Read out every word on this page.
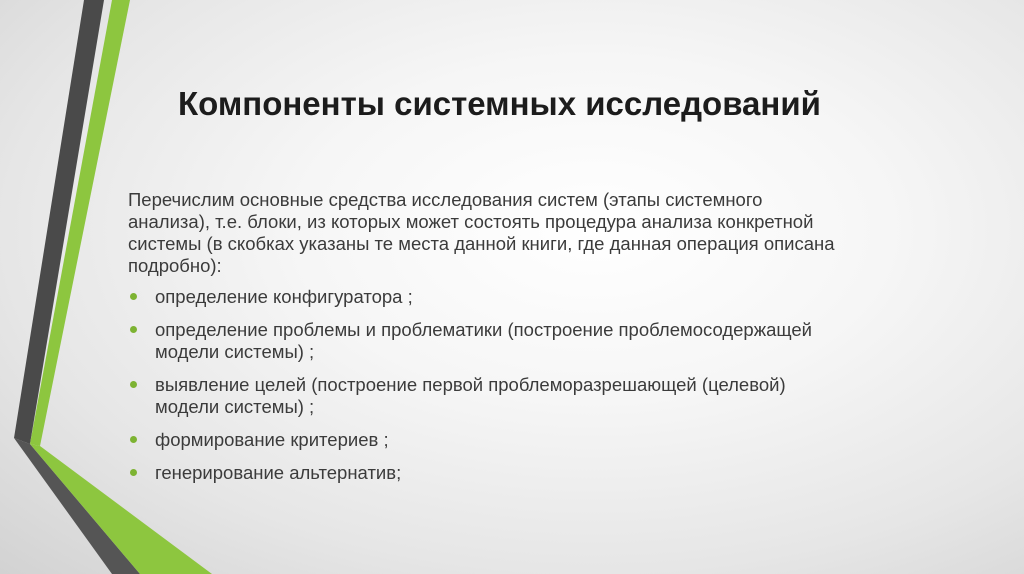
Компоненты системных исследований

Перечислим основные средства исследования систем (этапы системного
анализа), т.е. блоки, из которых может состоять процедура анализа конкретной
системы (в скобках указаны те места данной книги, где данная операция описана
подробно):

определение конфигуратора ;
определение проблемы и проблематики (построение проблемосодержащей
модели системы) ;
выявление целей (построение первой проблеморазрешающей (целевой)
модели системы) ;
формирование критериев ;
генерирование альтернатив;
